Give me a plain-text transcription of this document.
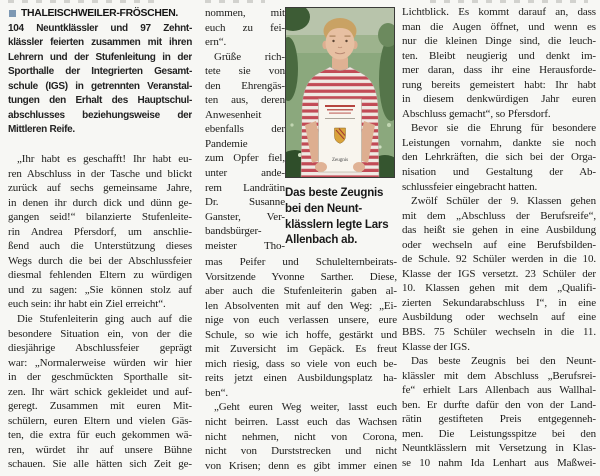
THALEISCHWEILER-FRÖSCHEN.
104 Neuntklässler und 97 Zehnt-
klässler feierten zusammen mit ihren
Lehrern und der Stufenleitung in der
Sporthalle der Integrierten Gesamt-
schule (IGS) in getrennten Veranstal-
tungen den Erhalt des Hauptschul-
abschlusses beziehungsweise der
Mittleren Reife.
„Ihr habt es geschafft! Ihr habt eu-
ren Abschluss in der Tasche und blickt
zurück auf sechs gemeinsame Jahre,
in denen ihr durch dick und dünn ge-
gangen seid!“ bilanzierte Stufenleite-
rin Andrea Pfersdorf, um anschlie-
ßend auch die Unterstützung dieses
Wegs durch die bei der Abschlussfeier
diesmal fehlenden Eltern zu würdigen
und zu sagen: „Sie können stolz auf
euch sein: ihr habt ein Ziel erreicht“.
Die Stufenleiterin ging auch auf die
besondere Situation ein, von der die
diesjährige Abschlussfeier geprägt
war: „Normalerweise würden wir hier
in der geschmückten Sporthalle sit-
zen. Ihr wärt schick gekleidet und auf-
geregt. Zusammen mit euren Mit-
schülern, euren Eltern und vielen Gäs-
ten, die extra für euch gekommen wä-
ren, würdet ihr auf unsere Bühne
schauen. Sie alle hätten sich Zeit ge-
nommen, mit
euch zu fei-
ern“.
Grüße rich-
tete sie von
den Ehrengäs-
ten aus, deren
Anwesenheit
ebenfalls der
Pandemie
zum Opfer fiel,
unter ande-
rem Landrätin
Dr. Susanne
Ganster, Ver-
bandsbürger-
meister Tho-
Zeugnis
Das beste Zeugnis
bei den Neunt-
klässlern legte Lars
Allenbach ab.
mas Peifer und Schulelternbeirats-
Vorsitzende Yvonne Sarther. Diese,
aber auch die Stufenleiterin gaben al-
len Absolventen mit auf den Weg: „Ei-
nige von euch verlassen unsere, eure
Schule, so wie ich hoffe, gestärkt und
mit Zuversicht im Gepäck. Es freut
mich riesig, dass so viele von euch be-
reits jetzt einen Ausbildungsplatz ha-
ben“.
„Geht euren Weg weiter, lasst euch
nicht beirren. Lasst euch das Wachsen
nicht nehmen, nicht von Corona,
nicht von Durststrecken und nicht
von Krisen; denn es gibt immer einen
Lichtblick. Es kommt darauf an, dass
man die Augen öffnet, und wenn es
nur die kleinen Dinge sind, die leuch-
ten. Bleibt neugierig und denkt im-
mer daran, dass ihr eine Herausforde-
rung bereits gemeistert habt: Ihr habt
in diesem denkwürdigen Jahr euren
Abschluss gemacht“, so Pfersdorf.
Bevor sie die Ehrung für besondere
Leistungen vornahm, dankte sie noch
den Lehrkräften, die sich bei der Orga-
nisation und Gestaltung der Ab-
schlussfeier eingebracht hatten.
Zwölf Schüler der 9. Klassen gehen
mit dem „Abschluss der Berufsreife“,
das heißt sie gehen in eine Ausbildung
oder wechseln auf eine Berufsbilden-
de Schule. 92 Schüler werden in die 10.
Klasse der IGS versetzt. 23 Schüler der
10. Klassen gehen mit dem „Qualifi-
zierten Sekundarabschluss I“, in eine
Ausbildung oder wechseln auf eine
BBS. 75 Schüler wechseln in die 11.
Klasse der IGS.
Das beste Zeugnis bei den Neunt-
klässler mit dem Abschluss „Berufsrei-
fe“ erhielt Lars Allenbach aus Wallhal-
ben. Er durfte dafür den von der Land-
rätin gestifteten Preis entgegenneh-
men. Die Leistungsspitze bei den
Neuntklässlern mit Versetzung in Klas-
se 10 nahm Ida Lenhart aus Maßwei-
